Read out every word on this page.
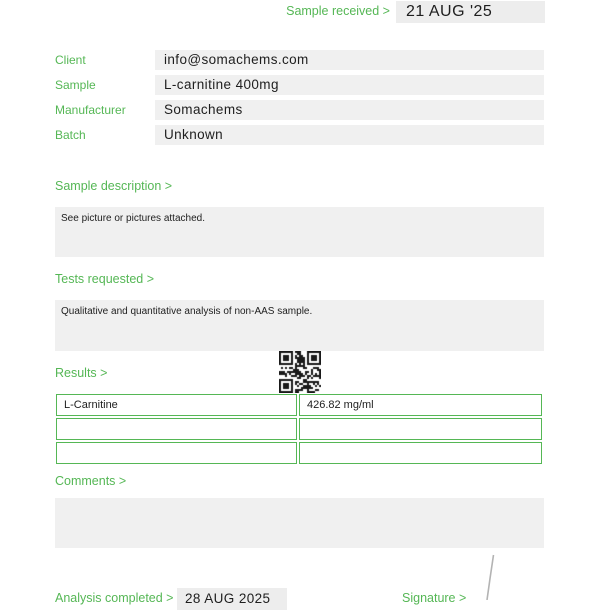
Sample received >	21 AUG '25
Client	info@somachems.com
Sample	L-carnitine 400mg
Manufacturer	Somachems
Batch	Unknown
Sample description >
See picture or pictures attached.
Tests requested >
Qualitative and quantitative analysis of non-AAS sample.
Results >
L-Carnitine	426.82 mg/ml

Comments >
Analysis completed > 28 AUG 2025	Signature >
